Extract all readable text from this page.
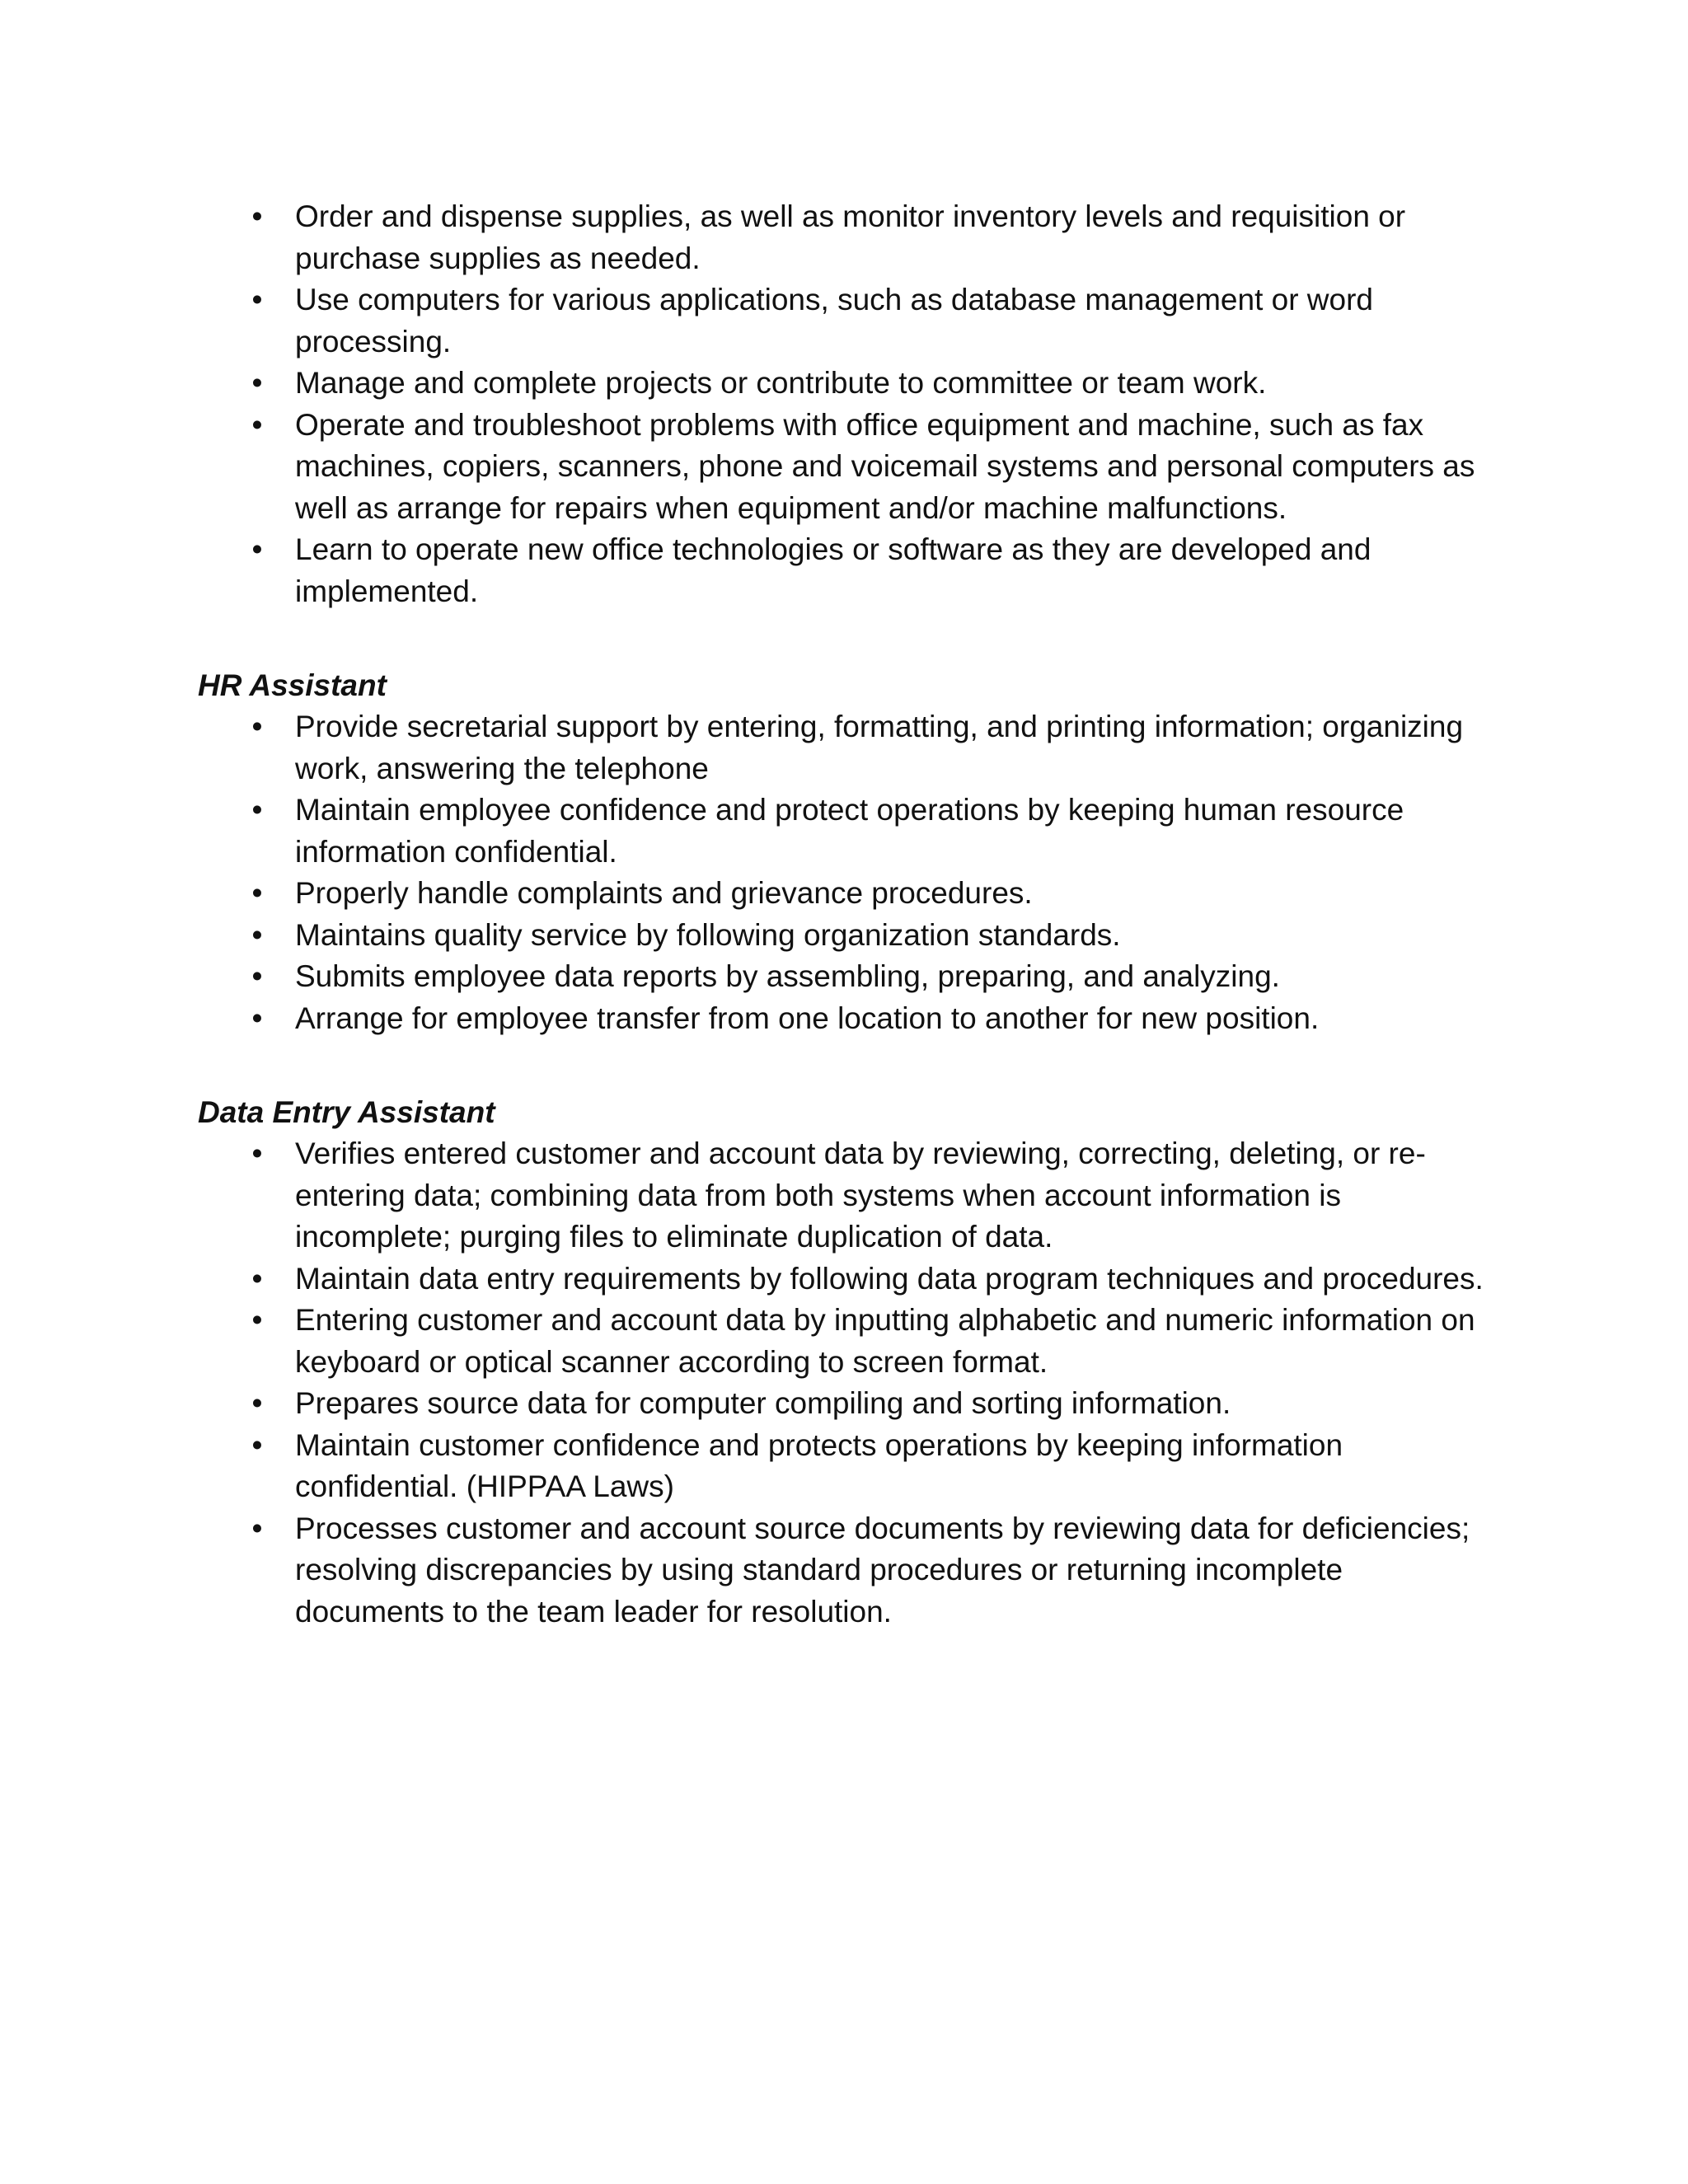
• Order and dispense supplies, as well as monitor inventory levels and requisition or purchase supplies as needed.
• Use computers for various applications, such as database management or word processing.
• Manage and complete projects or contribute to committee or team work.
• Operate and troubleshoot problems with office equipment and machine, such as fax machines, copiers, scanners, phone and voicemail systems and personal computers as well as arrange for repairs when equipment and/or machine malfunctions.
• Learn to operate new office technologies or software as they are developed and implemented.
HR Assistant
• Provide secretarial support by entering, formatting, and printing information; organizing work, answering the telephone
• Maintain employee confidence and protect operations by keeping human resource information confidential.
• Properly handle complaints and grievance procedures.
• Maintains quality service by following organization standards.
• Submits employee data reports by assembling, preparing, and analyzing.
• Arrange for employee transfer from one location to another for new position.
Data Entry Assistant
• Verifies entered customer and account data by reviewing, correcting, deleting, or re-entering data; combining data from both systems when account information is incomplete; purging files to eliminate duplication of data.
• Maintain data entry requirements by following data program techniques and procedures.
• Entering customer and account data by inputting alphabetic and numeric information on keyboard or optical scanner according to screen format.
• Prepares source data for computer compiling and sorting information.
• Maintain customer confidence and protects operations by keeping information confidential. (HIPPAA Laws)
• Processes customer and account source documents by reviewing data for deficiencies; resolving discrepancies by using standard procedures or returning incomplete documents to the team leader for resolution.
